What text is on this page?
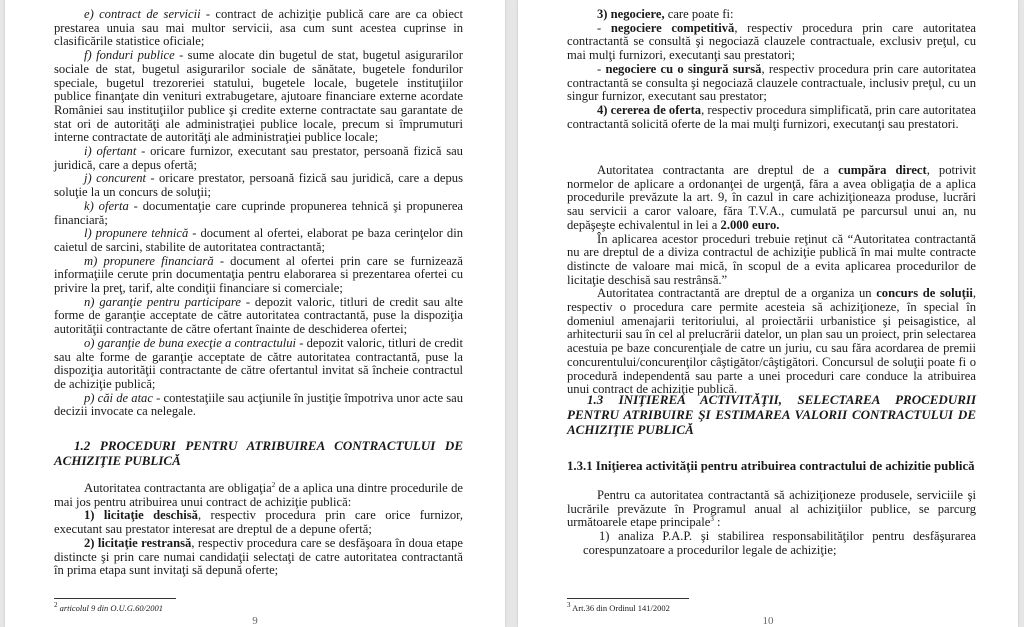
e) contract de servicii - contract de achiziţie publică care are ca obiect prestarea unuia sau mai multor servicii, asa cum sunt acestea cuprinse in clasificările statistice oficiale;

f) fonduri publice - sume alocate din bugetul de stat, bugetul asigurarilor sociale de stat, bugetul asigurarilor sociale de sănătate, bugetele fondurilor speciale, bugetul trezoreriei statului, bugetele locale, bugetele instituţiilor publice finanţate din venituri extrabugetare, ajutoare financiare externe acordate României sau instituţiilor publice şi credite externe contractate sau garantate de stat ori de autorităţi ale administraţiei publice locale, precum si împrumuturi interne contractate de autorităţi ale administraţiei publice locale;

i) ofertant - oricare furnizor, executant sau prestator, persoană fizică sau juridică, care a depus ofertă;

j) concurent - oricare prestator, persoană fizică sau juridică, care a depus soluţie la un concurs de soluţii;

k) oferta - documentaţie care cuprinde propunerea tehnică şi propunerea financiară;

l) propunere tehnică - document al ofertei, elaborat pe baza cerinţelor din caietul de sarcini, stabilite de autoritatea contractantă;

m) propunere financiară - document al ofertei prin care se furnizează informaţiile cerute prin documentaţia pentru elaborarea si prezentarea ofertei cu privire la preţ, tarif, alte condiţii financiare si comerciale;

n) garanţie pentru participare - depozit valoric, titluri de credit sau alte forme de garanţie acceptate de către autoritatea contractantă, puse la dispoziţia autorităţii contractante de către ofertant înainte de deschiderea ofertei;

o) garanţie de buna execţie a contractului - depozit valoric, titluri de credit sau alte forme de garanţie acceptate de către autoritatea contractantă, puse la dispoziţia autorităţii contractante de către ofertantul invitat să încheie contractul de achiziţie publică;

p) căi de atac - contestaţiile sau acţiunile în justiţie împotriva unor acte sau decizii invocate ca nelegale.

1.2 PROCEDURI PENTRU ATRIBUIREA CONTRACTULUI DE ACHIZIŢIE PUBLICĂ

Autoritatea contractanta are obligaţia$^2$ de a aplica una dintre procedurile de mai jos pentru atribuirea unui contract de achiziţie publică:

1) licitaţie deschisă, respectiv procedura prin care orice furnizor, executant sau prestator interesat are dreptul de a depune ofertă;

2) licitaţie restransă, respectiv procedura care se desfăşoara în doua etape distincte şi prin care numai candidaţii selectaţi de catre autoritatea contractantă în prima etapa sunt invitaţi să depună oferte;

$^2$ articolul 9 din O.U.G.60/2001
9

3) negociere, care poate fi:

- negociere competitivă, respectiv procedura prin care autoritatea contractantă se consultă şi negociază clauzele contractuale, exclusiv preţul, cu mai mulţi furnizori, executanţi sau prestatori;

- negociere cu o singură sursă, respectiv procedura prin care autoritatea contractantă se consulta şi negociază clauzele contractuale, inclusiv preţul, cu un singur furnizor, executant sau prestator;

4) cererea de oferta, respectiv procedura simplificată, prin care autoritatea contractantă solicită oferte de la mai mulţi furnizori, executanţi sau prestatori.

Autoritatea contractanta are dreptul de a cumpăra direct, potrivit normelor de aplicare a ordonanţei de urgenţă, făra a avea obligaţia de a aplica procedurile prevăzute la art. 9, în cazul in care achiziţioneaza produse, lucrări sau servicii a caror valoare, făra T.V.A., cumulată pe parcursul unui an, nu depăşeşte echivalentul in lei a 2.000 euro.

În aplicarea acestor proceduri trebuie reţinut că “Autoritatea contractantă nu are dreptul de a diviza contractul de achiziţie publică în mai multe contracte distincte de valoare mai mică, în scopul de a evita aplicarea procedurilor de licitaţie deschisă sau restrânsă.”

Autoritatea contractantă are dreptul de a organiza un concurs de soluţii, respectiv o procedura care permite acesteia să achiziţioneze, în special în domeniul amenajarii teritoriului, al proiectării urbanistice şi peisagistice, al arhitecturii sau în cel al prelucrării datelor, un plan sau un proiect, prin selectarea acestuia pe baze concurenţiale de catre un juriu, cu sau făra acordarea de premii concurentului/concurenţilor câştigător/câştigători. Concursul de soluţii poate fi o procedură independentă sau parte a unei proceduri care conduce la atribuirea unui contract de achiziţie publică.

1.3 INIŢIEREA ACTIVITĂŢII, SELECTAREA PROCEDURII PENTRU ATRIBUIRE ŞI ESTIMAREA VALORII CONTRACTULUI DE ACHIZIŢIE PUBLICĂ

1.3.1 Iniţierea activităţii pentru atribuirea contractului de achizitie publică

Pentru ca autoritatea contractantă să achiziţioneze produsele, serviciile şi lucrările prevăzute în Programul anual al achiziţiilor publice, se parcurg următoarele etape principale$^3$ :

1) analiza P.A.P. şi stabilirea responsabilităţilor pentru desfăşurarea corespunzatoare a procedurilor legale de achiziţie;

$^3$ Art.36 din Ordinul 141/2002
10
